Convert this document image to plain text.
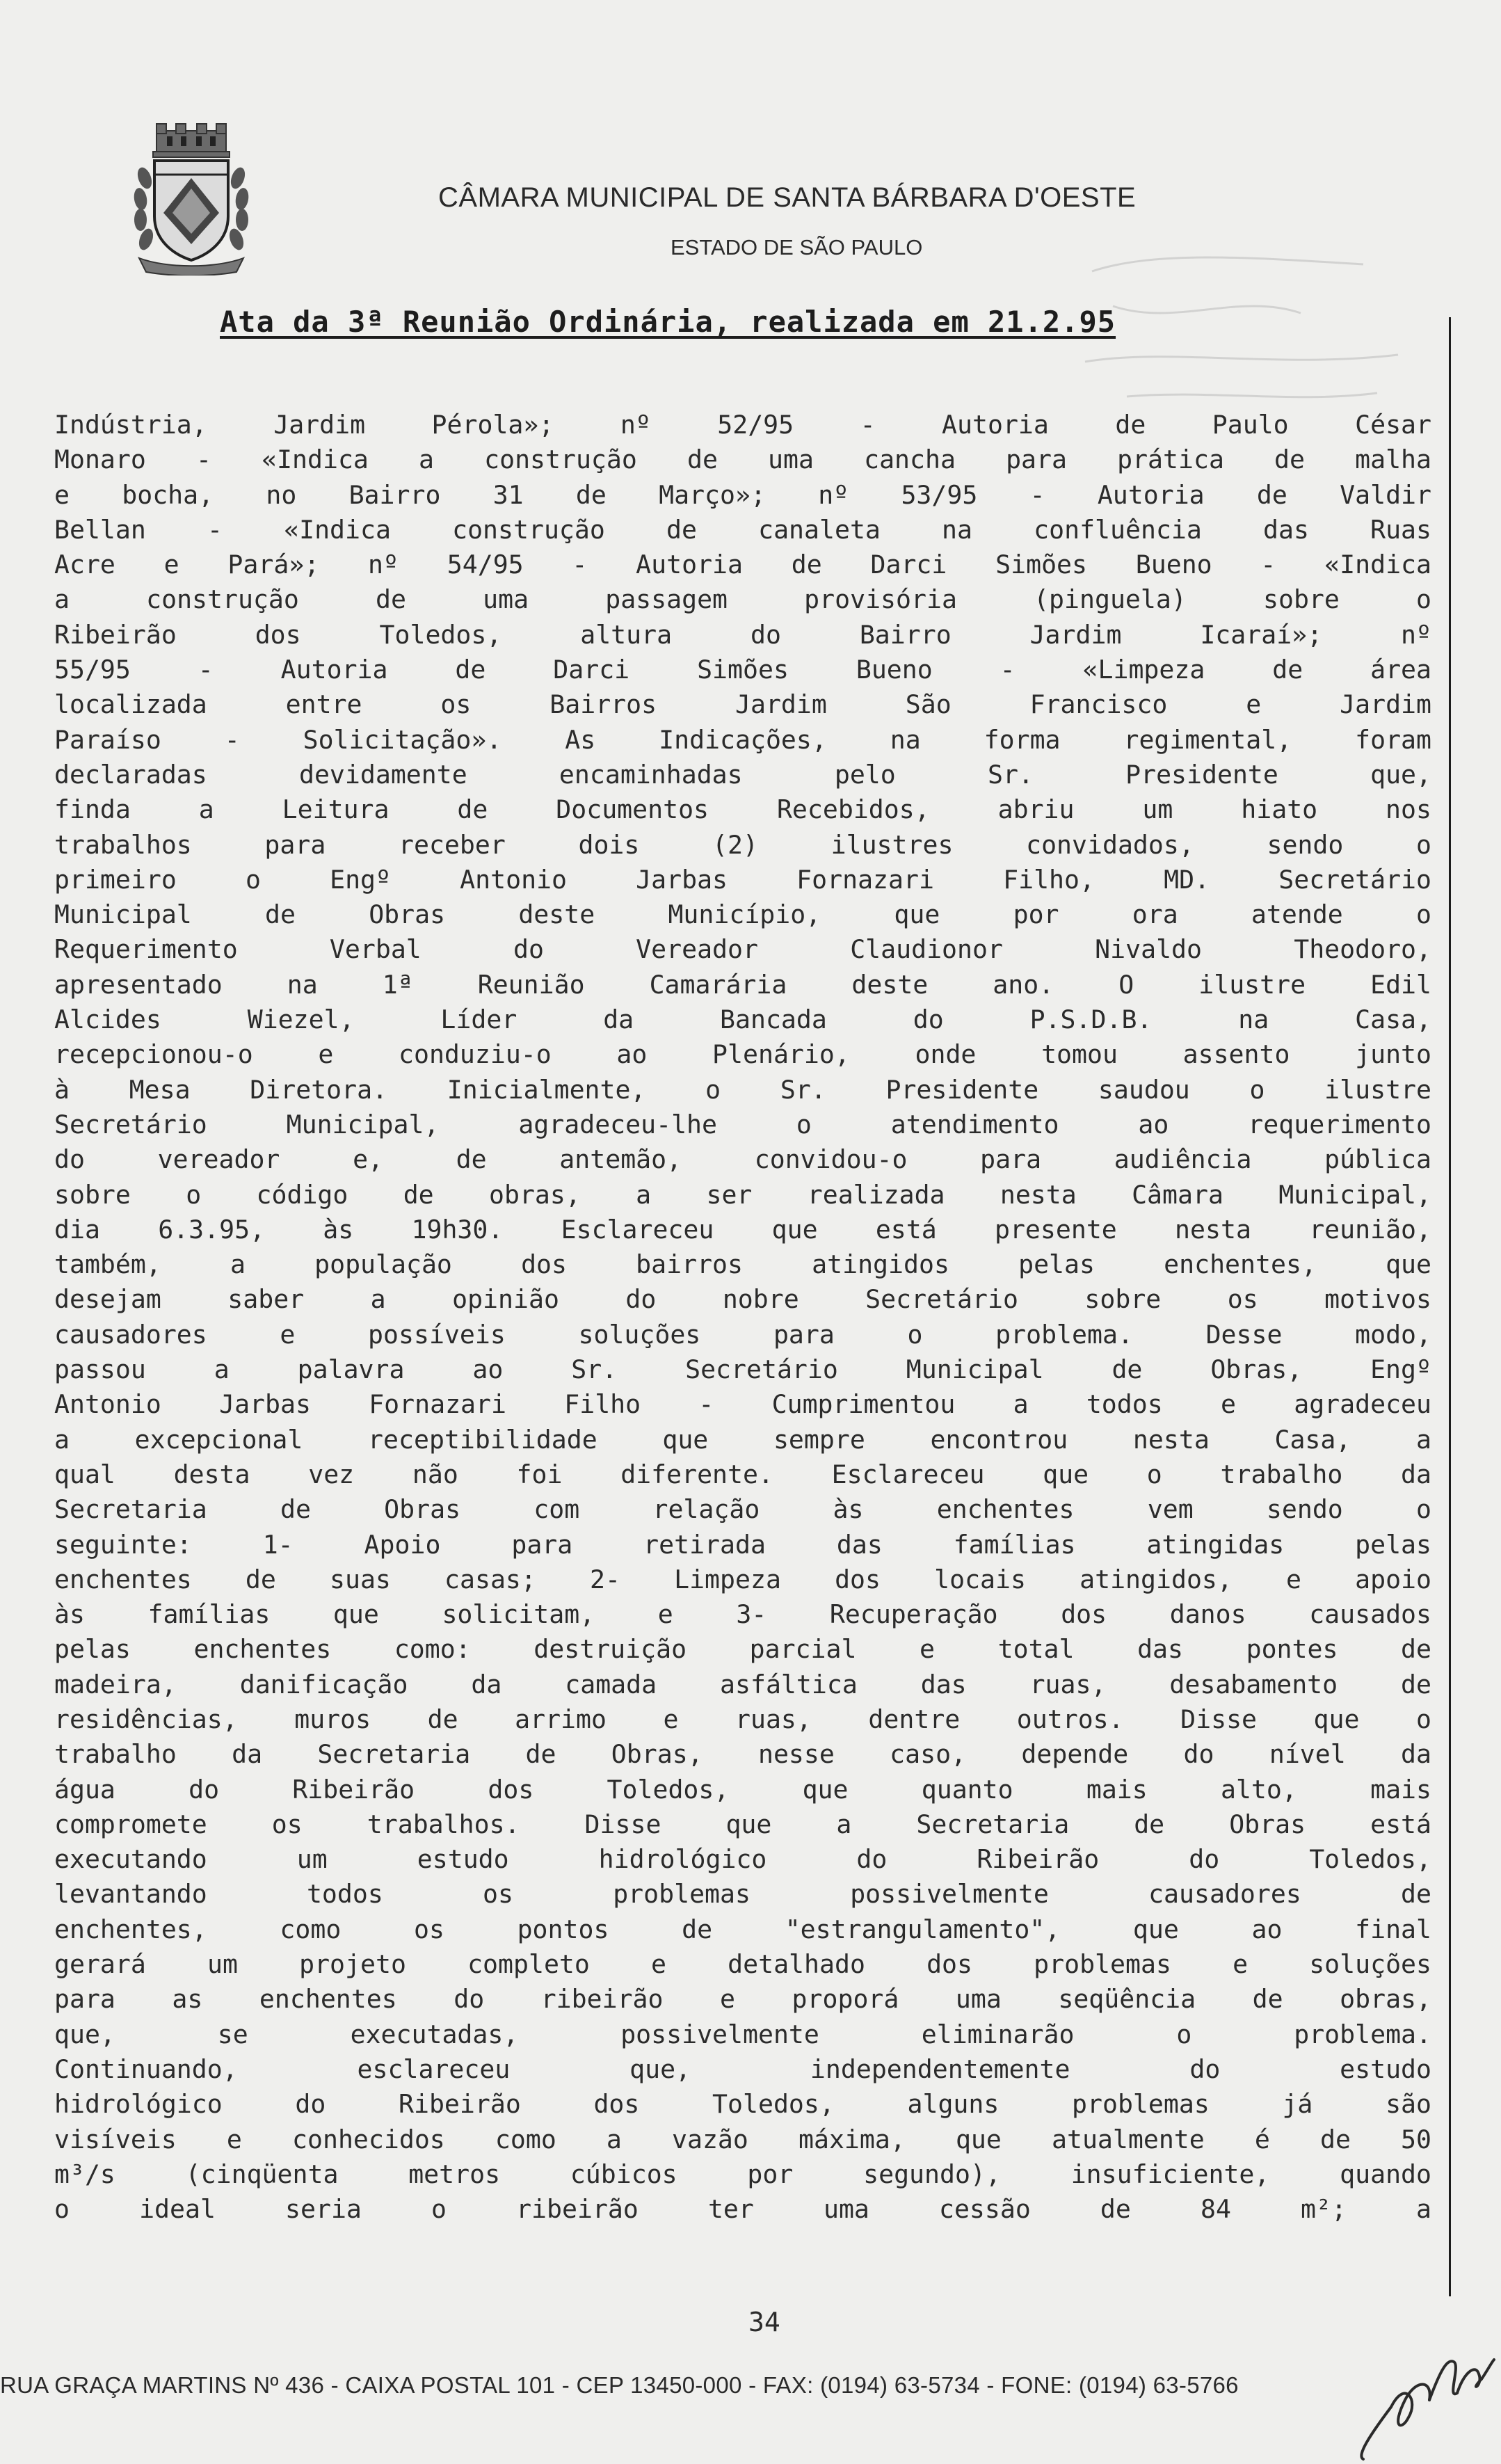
CÂMARA MUNICIPAL DE SANTA BÁRBARA D'OESTE
ESTADO DE SÃO PAULO
Ata da 3ª Reunião Ordinária, realizada em 21.2.95
Indústria, Jardim Pérola»; nº 52/95 - Autoria de Paulo César
Monaro - «Indica a construção de uma cancha para prática de malha
e bocha, no Bairro 31 de Março»; nº 53/95 - Autoria de Valdir
Bellan - «Indica construção de canaleta na confluência das Ruas
Acre e Pará»; nº 54/95 - Autoria de Darci Simões Bueno - «Indica
a construção de uma passagem provisória (pinguela) sobre o
Ribeirão dos Toledos, altura do Bairro Jardim Icaraí»; nº
55/95 - Autoria de Darci Simões Bueno - «Limpeza de área
localizada entre os Bairros Jardim São Francisco e Jardim
Paraíso - Solicitação». As Indicações, na forma regimental, foram
declaradas devidamente encaminhadas pelo Sr. Presidente que,
finda a Leitura de Documentos Recebidos, abriu um hiato nos
trabalhos para receber dois (2) ilustres convidados, sendo o
primeiro o Engº Antonio Jarbas Fornazari Filho, MD. Secretário
Municipal de Obras deste Município, que por ora atende o
Requerimento Verbal do Vereador Claudionor Nivaldo Theodoro,
apresentado na 1ª Reunião Camarária deste ano. O ilustre Edil
Alcides Wiezel, Líder da Bancada do P.S.D.B. na Casa,
recepcionou-o e conduziu-o ao Plenário, onde tomou assento junto
à Mesa Diretora. Inicialmente, o Sr. Presidente saudou o ilustre
Secretário Municipal, agradeceu-lhe o atendimento ao requerimento
do vereador e, de antemão, convidou-o para audiência pública
sobre o código de obras, a ser realizada nesta Câmara Municipal,
dia 6.3.95, às 19h30. Esclareceu que está presente nesta reunião,
também, a população dos bairros atingidos pelas enchentes, que
desejam saber a opinião do nobre Secretário sobre os motivos
causadores e possíveis soluções para o problema. Desse modo,
passou a palavra ao Sr. Secretário Municipal de Obras, Engº
Antonio Jarbas Fornazari Filho - Cumprimentou a todos e agradeceu
a excepcional receptibilidade que sempre encontrou nesta Casa, a
qual desta vez não foi diferente. Esclareceu que o trabalho da
Secretaria de Obras com relação às enchentes vem sendo o
seguinte: 1- Apoio para retirada das famílias atingidas pelas
enchentes de suas casas; 2- Limpeza dos locais atingidos, e apoio
às famílias que solicitam, e 3- Recuperação dos danos causados
pelas enchentes como: destruição parcial e total das pontes de
madeira, danificação da camada asfáltica das ruas, desabamento de
residências, muros de arrimo e ruas, dentre outros. Disse que o
trabalho da Secretaria de Obras, nesse caso, depende do nível da
água do Ribeirão dos Toledos, que quanto mais alto, mais
compromete os trabalhos. Disse que a Secretaria de Obras está
executando um estudo hidrológico do Ribeirão do Toledos,
levantando todos os problemas possivelmente causadores de
enchentes, como os pontos de "estrangulamento", que ao final
gerará um projeto completo e detalhado dos problemas e soluções
para as enchentes do ribeirão e proporá uma seqüência de obras,
que, se executadas, possivelmente eliminarão o problema.
Continuando, esclareceu que, independentemente do estudo
hidrológico do Ribeirão dos Toledos, alguns problemas já são
visíveis e conhecidos como a vazão máxima, que atualmente é de 50
m³/s (cinqüenta metros cúbicos por segundo), insuficiente, quando
o ideal seria o ribeirão ter uma cessão de 84 m²; a
34
RUA GRAÇA MARTINS Nº 436 - CAIXA POSTAL 101 - CEP 13450-000 - FAX: (0194) 63-5734 - FONE: (0194) 63-5766
